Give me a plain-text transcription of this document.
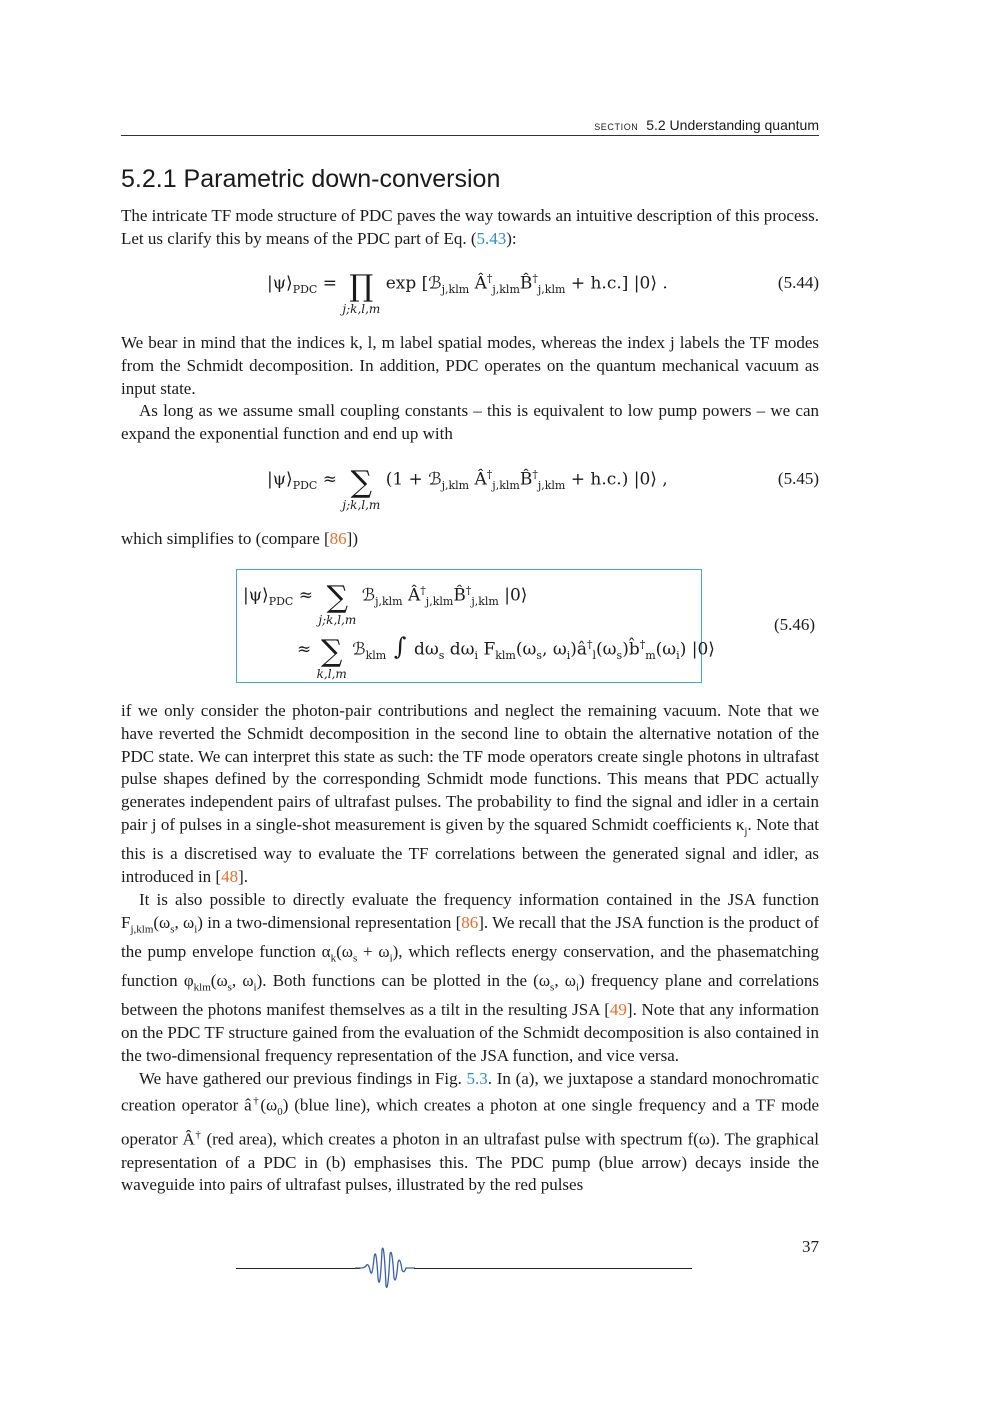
section 5.2 Understanding quantum
5.2.1 Parametric down-conversion

The intricate TF mode structure of PDC paves the way towards an intuitive description of this process. Let us clarify this by means of the PDC part of Eq. (5.43):

$|\psi⟩_{PDC}$ = ∏
j;k,l,m
exp [ℬ$_{j,klm}$ $Â^\dagger_{j,klm}B̂^\dagger_{j,klm} + h.c$.] |0⟩ .	(5.44)

We bear in mind that the indices k, l, m label spatial modes, whereas the index j labels the TF modes from the Schmidt decomposition. In addition, PDC operates on the quantum mechanical vacuum as input state.

As long as we assume small coupling constants – this is equivalent to low pump powers – we can expand the exponential function and end up with

$|\psi⟩_{PDC}$ ≈ ∑
j;k,l,m
(1 + ℬ$_{j,klm}$ $Â^\dagger_{j,klm}B̂^\dagger_{j,klm} + h.c$.) |0⟩ ,	(5.45)

which simplifies to (compare [86])

$|\psi⟩_{PDC}$ ≈ ∑
j;k,l,m
ℬ$_{j,klm}$ $Â^\dagger_{j,klm}B̂^\dagger_{j,klm}$ |0⟩
≈ ∑
k,l,m
ℬ$_{klm}$ ∫ $d\omega_s$ $d\omega_i$ $F_{klm}(\omega_s$, $\omega_i)â^\dagger_l(\omega_s)b̂^\dagger_m(\omega_i)$ |0⟩
(5.46)

if we only consider the photon-pair contributions and neglect the remaining vacuum. Note that we have reverted the Schmidt decomposition in the second line to obtain the alternative notation of the PDC state. We can interpret this state as such: the TF mode operators create single photons in ultrafast pulse shapes defined by the corresponding Schmidt mode functions. This means that PDC actually generates independent pairs of ultrafast pulses. The probability to find the signal and idler in a certain pair j of pulses in a single-shot measurement is given by the squared Schmidt coefficients $\kappa_j$. Note that this is a discretised way to evaluate the TF correlations between the generated signal and idler, as introduced in [48].

It is also possible to directly evaluate the frequency information contained in the JSA function $F_{j,klm}(\omega_s$, $\omega_i$) in a two-dimensional representation [86]. We recall that the JSA function is the product of the pump envelope function $\alpha_k(\omega_s + \omega_i)$, which reflects energy conservation, and the phasematching function $\varphi_{klm}(\omega_s$, $\omega_i$). Both functions can be plotted in the ($\omega_s$, $\omega_i$) frequency plane and correlations between the photons manifest themselves as a tilt in the resulting JSA [49]. Note that any information on the PDC TF structure gained from the evaluation of the Schmidt decomposition is also contained in the two-dimensional frequency representation of the JSA function, and vice versa.

We have gathered our previous findings in Fig. 5.3. In (a), we juxtapose a standard monochromatic creation operator $â^\dagger(\omega_0)$ (blue line), which creates a photon at one single frequency and a TF mode operator Â† (red area), which creates a photon in an ultrafast pulse with spectrum f(ω). The graphical representation of a PDC in (b) emphasises this. The PDC pump (blue arrow) decays inside the waveguide into pairs of ultrafast pulses, illustrated by the red pulses

37
